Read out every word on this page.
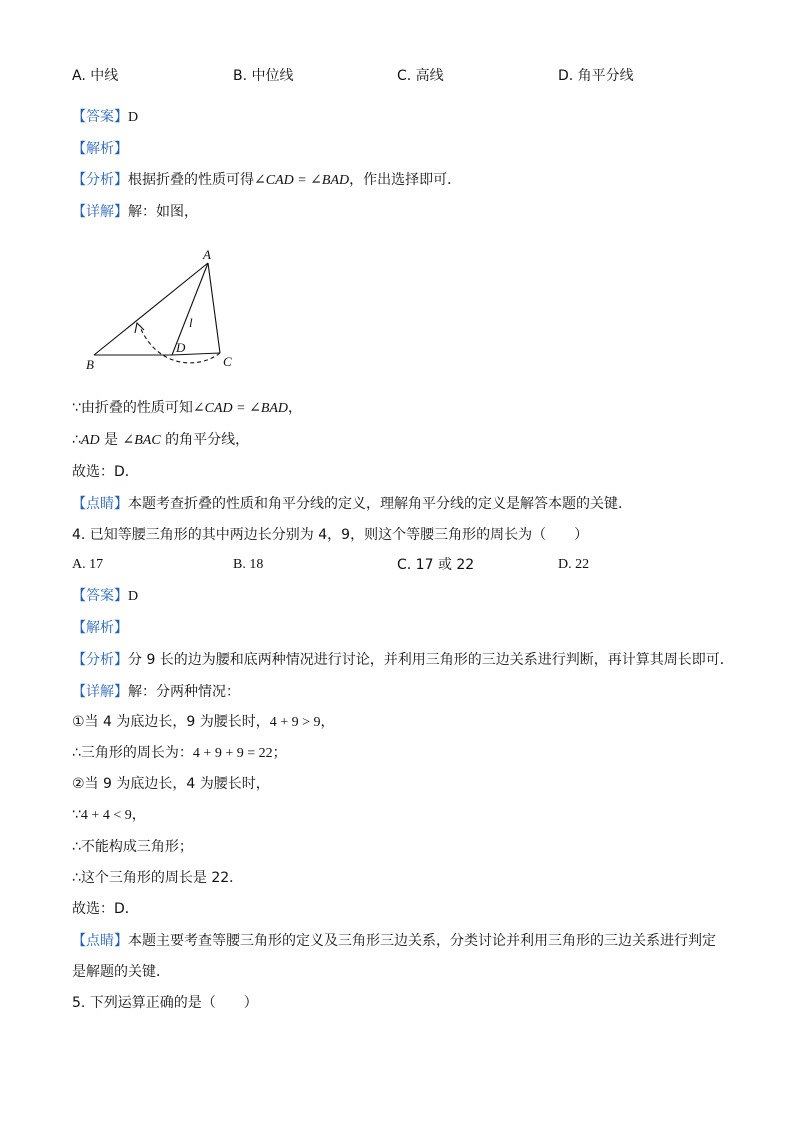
A. 中线	B. 中位线	C. 高线	D. 角平分线
【答案】D
【解析】
【分析】根据折叠的性质可得∠CAD = ∠BAD，作出选择即可．
【详解】解：如图，
A
B	C
D
l
∵由折叠的性质可知∠CAD = ∠BAD，
∴AD 是 ∠BAC 的角平分线，
故选：D．
【点睛】本题考查折叠的性质和角平分线的定义，理解角平分线的定义是解答本题的关键．
4. 已知等腰三角形的其中两边长分别为 4，9，则这个等腰三角形的周长为（　　）
A. 17	B. 18	C. 17 或 22	D. 22
【答案】D
【解析】
【分析】分 9 长的边为腰和底两种情况进行讨论，并利用三角形的三边关系进行判断，再计算其周长即可．
【详解】解：分两种情况：
①当 4 为底边长，9 为腰长时，4 + 9 > 9，
∴三角形的周长为：4 + 9 + 9 = 22；
②当 9 为底边长，4 为腰长时，
∵4 + 4 < 9，
∴不能构成三角形；
∴这个三角形的周长是 22．
故选：D．
【点睛】本题主要考查等腰三角形的定义及三角形三边关系，分类讨论并利用三角形的三边关系进行判定
是解题的关键．
5. 下列运算正确的是（　　）
